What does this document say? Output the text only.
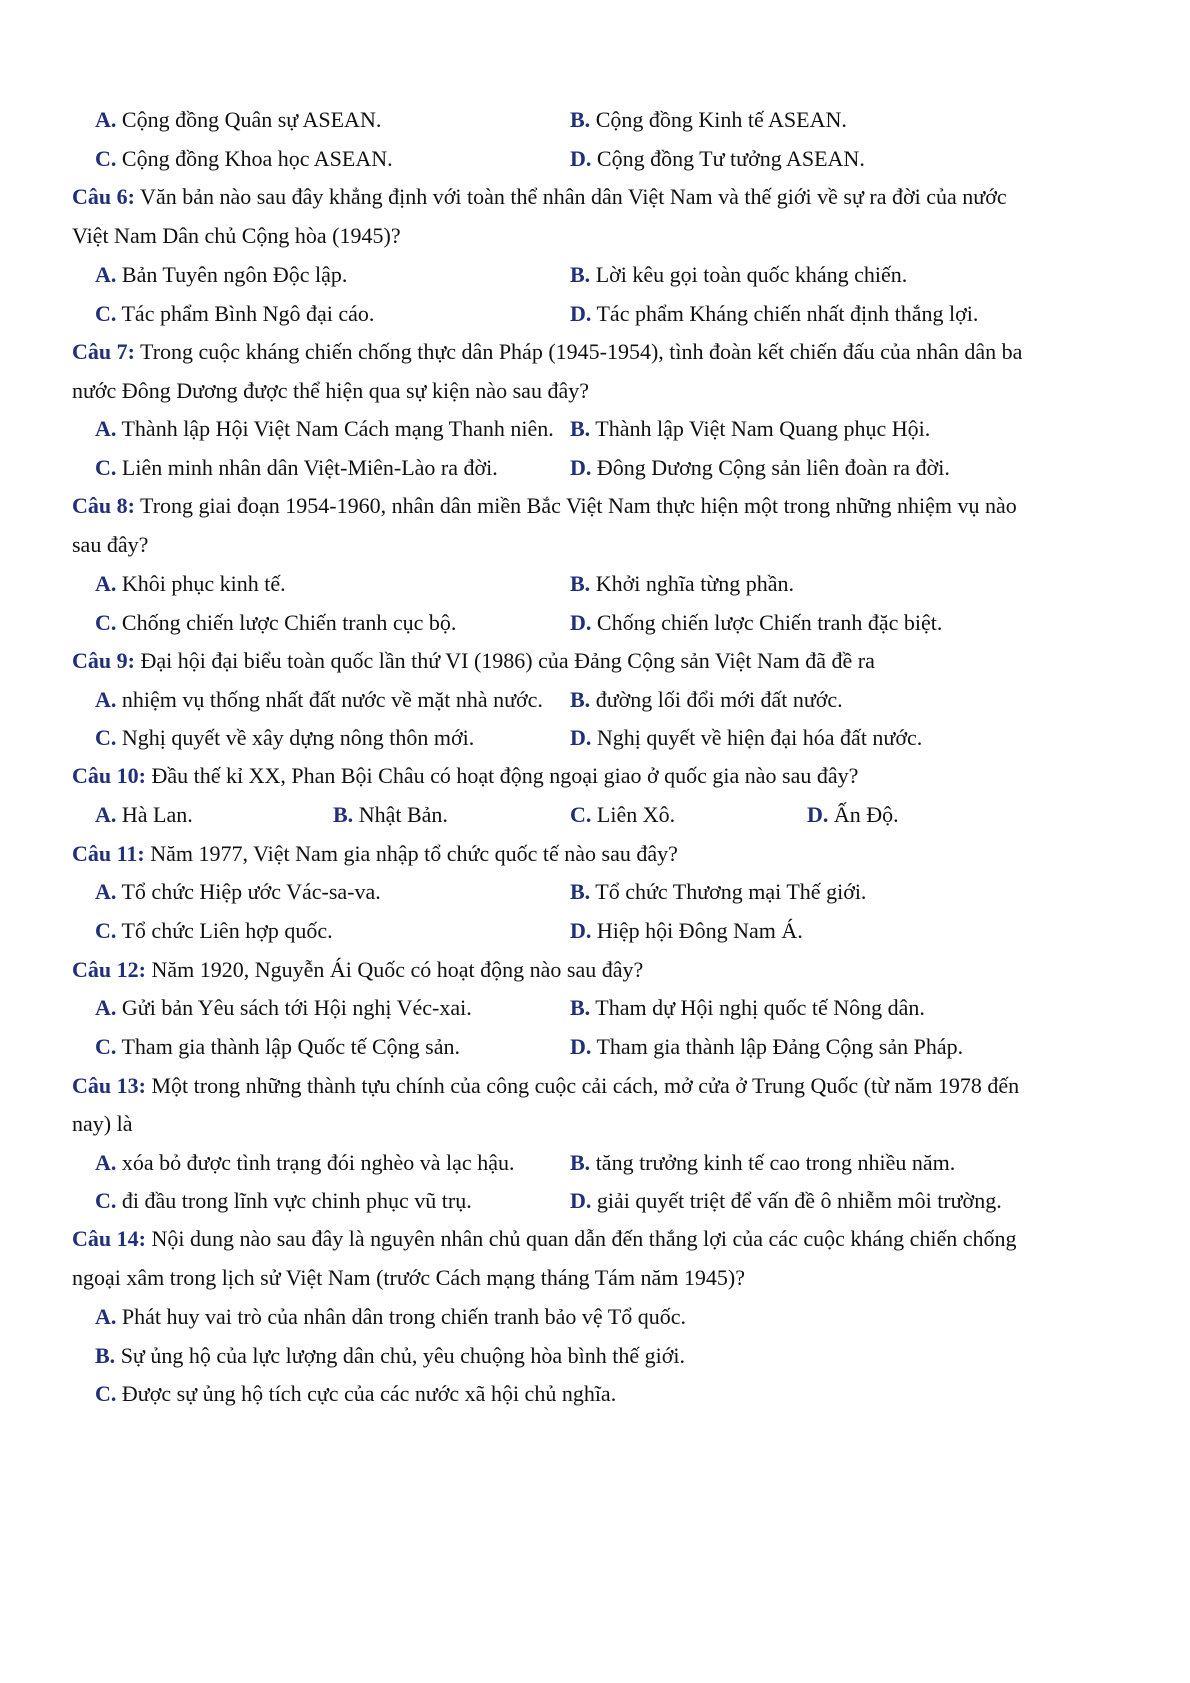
A. Cộng đồng Quân sự ASEAN.	B. Cộng đồng Kinh tế ASEAN.
C. Cộng đồng Khoa học ASEAN.	D. Cộng đồng Tư tưởng ASEAN.
Câu 6: Văn bản nào sau đây khẳng định với toàn thể nhân dân Việt Nam và thế giới về sự ra đời của nước
Việt Nam Dân chủ Cộng hòa (1945)?
A. Bản Tuyên ngôn Độc lập.	B. Lời kêu gọi toàn quốc kháng chiến.
C. Tác phẩm Bình Ngô đại cáo.	D. Tác phẩm Kháng chiến nhất định thắng lợi.
Câu 7: Trong cuộc kháng chiến chống thực dân Pháp (1945-1954), tình đoàn kết chiến đấu của nhân dân ba
nước Đông Dương được thể hiện qua sự kiện nào sau đây?
A. Thành lập Hội Việt Nam Cách mạng Thanh niên. B. Thành lập Việt Nam Quang phục Hội.
C. Liên minh nhân dân Việt-Miên-Lào ra đời.	D. Đông Dương Cộng sản liên đoàn ra đời.
Câu 8: Trong giai đoạn 1954-1960, nhân dân miền Bắc Việt Nam thực hiện một trong những nhiệm vụ nào
sau đây?
A. Khôi phục kinh tế.	B. Khởi nghĩa từng phần.
C. Chống chiến lược Chiến tranh cục bộ.	D. Chống chiến lược Chiến tranh đặc biệt.
Câu 9: Đại hội đại biểu toàn quốc lần thứ VI (1986) của Đảng Cộng sản Việt Nam đã đề ra
A. nhiệm vụ thống nhất đất nước về mặt nhà nước. B. đường lối đổi mới đất nước.
C. Nghị quyết về xây dựng nông thôn mới.	D. Nghị quyết về hiện đại hóa đất nước.
Câu 10: Đầu thế kỉ XX, Phan Bội Châu có hoạt động ngoại giao ở quốc gia nào sau đây?
A. Hà Lan.	B. Nhật Bản.	C. Liên Xô.	D. Ấn Độ.
Câu 11: Năm 1977, Việt Nam gia nhập tổ chức quốc tế nào sau đây?
A. Tổ chức Hiệp ước Vác-sa-va.	B. Tổ chức Thương mại Thế giới.
C. Tổ chức Liên hợp quốc.	D. Hiệp hội Đông Nam Á.
Câu 12: Năm 1920, Nguyễn Ái Quốc có hoạt động nào sau đây?
A. Gửi bản Yêu sách tới Hội nghị Véc-xai.	B. Tham dự Hội nghị quốc tế Nông dân.
C. Tham gia thành lập Quốc tế Cộng sản.	D. Tham gia thành lập Đảng Cộng sản Pháp.
Câu 13: Một trong những thành tựu chính của công cuộc cải cách, mở cửa ở Trung Quốc (từ năm 1978 đến
nay) là
A. xóa bỏ được tình trạng đói nghèo và lạc hậu.	B. tăng trưởng kinh tế cao trong nhiều năm.
C. đi đầu trong lĩnh vực chinh phục vũ trụ.	D. giải quyết triệt để vấn đề ô nhiễm môi trường.
Câu 14: Nội dung nào sau đây là nguyên nhân chủ quan dẫn đến thắng lợi của các cuộc kháng chiến chống
ngoại xâm trong lịch sử Việt Nam (trước Cách mạng tháng Tám năm 1945)?
A. Phát huy vai trò của nhân dân trong chiến tranh bảo vệ Tổ quốc.
B. Sự ủng hộ của lực lượng dân chủ, yêu chuộng hòa bình thế giới.
C. Được sự ủng hộ tích cực của các nước xã hội chủ nghĩa.
